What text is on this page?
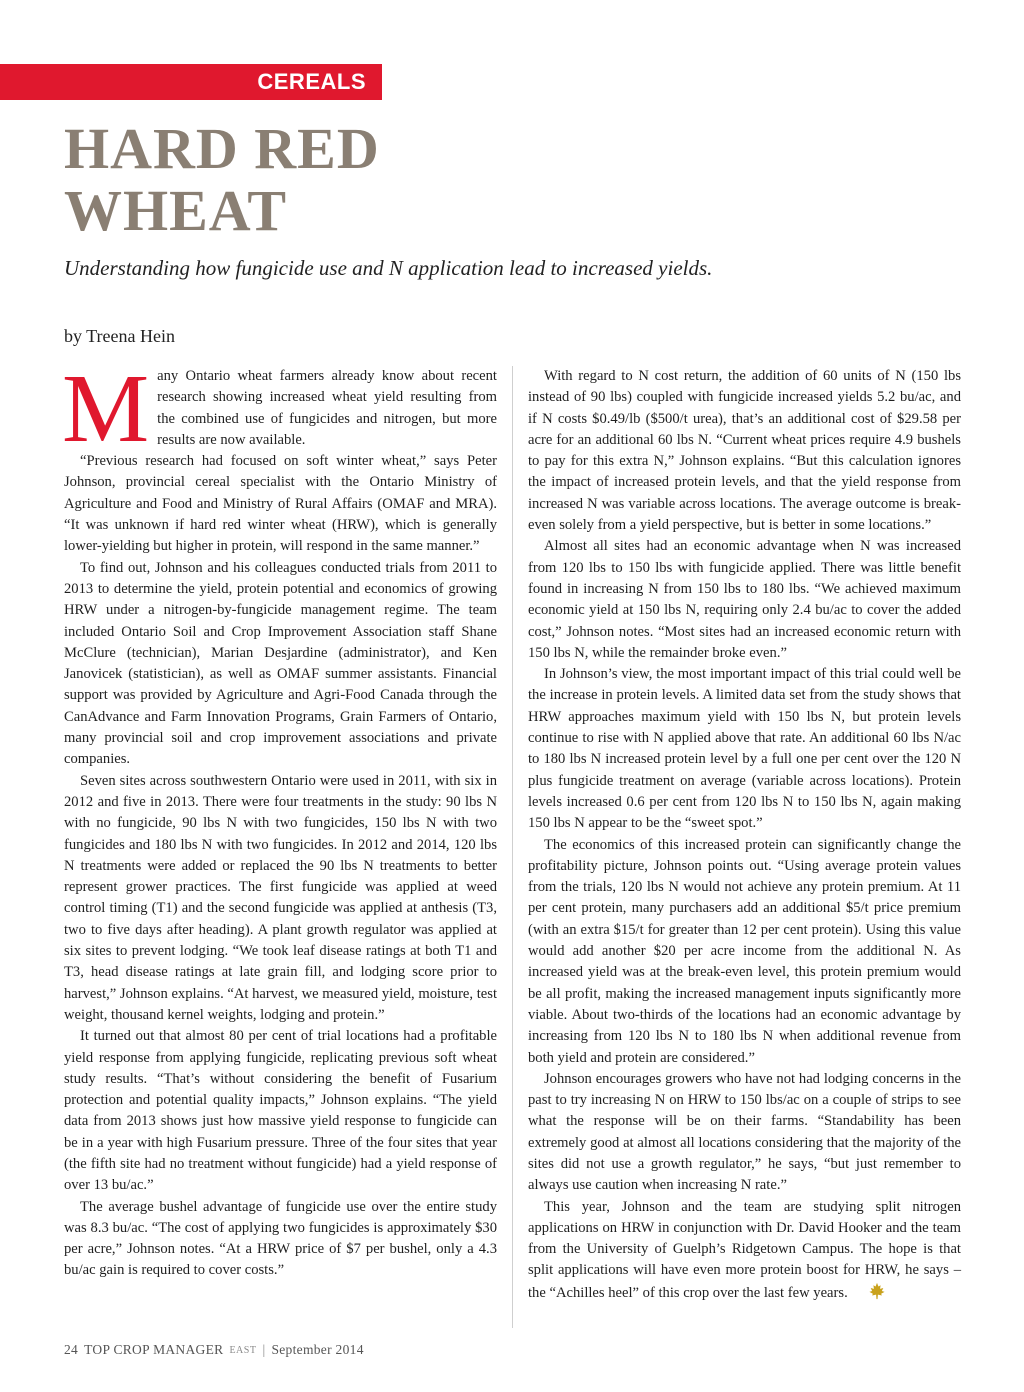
CEREALS
HARD RED
WHEAT
Understanding how fungicide use and N application lead to increased yields.
by Treena Hein

Many Ontario wheat farmers already know about recent research showing increased wheat yield resulting from the combined use of fungicides and nitrogen, but more results are now available.

“Previous research had focused on soft winter wheat,” says Peter Johnson, provincial cereal specialist with the Ontario Ministry of Agriculture and Food and Ministry of Rural Affairs (OMAF and MRA). “It was unknown if hard red winter wheat (HRW), which is generally lower-yielding but higher in protein, will respond in the same manner.”

To find out, Johnson and his colleagues conducted trials from 2011 to 2013 to determine the yield, protein potential and economics of growing HRW under a nitrogen-by-fungicide management regime. The team included Ontario Soil and Crop Improvement Association staff Shane McClure (technician), Marian Desjardine (administrator), and Ken Janovicek (statistician), as well as OMAF summer assistants. Financial support was provided by Agriculture and Agri-Food Canada through the CanAdvance and Farm Innovation Programs, Grain Farmers of Ontario, many provincial soil and crop improvement associations and private companies.

Seven sites across southwestern Ontario were used in 2011, with six in 2012 and five in 2013. There were four treatments in the study: 90 lbs N with no fungicide, 90 lbs N with two fungicides, 150 lbs N with two fungicides and 180 lbs N with two fungicides. In 2012 and 2014, 120 lbs N treatments were added or replaced the 90 lbs N treatments to better represent grower practices. The first fungicide was applied at weed control timing (T1) and the second fungicide was applied at anthesis (T3, two to five days after heading). A plant growth regulator was applied at six sites to prevent lodging. “We took leaf disease ratings at both T1 and T3, head disease ratings at late grain fill, and lodging score prior to harvest,” Johnson explains. “At harvest, we measured yield, moisture, test weight, thousand kernel weights, lodging and protein.”

It turned out that almost 80 per cent of trial locations had a profitable yield response from applying fungicide, replicating previous soft wheat study results. “That’s without considering the benefit of Fusarium protection and potential quality impacts,” Johnson explains. “The yield data from 2013 shows just how massive yield response to fungicide can be in a year with high Fusarium pressure. Three of the four sites that year (the fifth site had no treatment without fungicide) had a yield response of over 13 bu/ac.”

The average bushel advantage of fungicide use over the entire study was 8.3 bu/ac. “The cost of applying two fungicides is approximately $30 per acre,” Johnson notes. “At a HRW price of $7 per bushel, only a 4.3 bu/ac gain is required to cover costs.”

With regard to N cost return, the addition of 60 units of N (150 lbs instead of 90 lbs) coupled with fungicide increased yields 5.2 bu/ac, and if N costs $0.49/lb ($500/t urea), that’s an additional cost of $29.58 per acre for an additional 60 lbs N. “Current wheat prices require 4.9 bushels to pay for this extra N,” Johnson explains. “But this calculation ignores the impact of increased protein levels, and that the yield response from increased N was variable across locations. The average outcome is break-even solely from a yield perspective, but is better in some locations.”

Almost all sites had an economic advantage when N was increased from 120 lbs to 150 lbs with fungicide applied. There was little benefit found in increasing N from 150 lbs to 180 lbs. “We achieved maximum economic yield at 150 lbs N, requiring only 2.4 bu/ac to cover the added cost,” Johnson notes. “Most sites had an increased economic return with 150 lbs N, while the remainder broke even.”

In Johnson’s view, the most important impact of this trial could well be the increase in protein levels. A limited data set from the study shows that HRW approaches maximum yield with 150 lbs N, but protein levels continue to rise with N applied above that rate. An additional 60 lbs N/ac to 180 lbs N increased protein level by a full one per cent over the 120 N plus fungicide treatment on average (variable across locations). Protein levels increased 0.6 per cent from 120 lbs N to 150 lbs N, again making 150 lbs N appear to be the “sweet spot.”

The economics of this increased protein can significantly change the profitability picture, Johnson points out. “Using average protein values from the trials, 120 lbs N would not achieve any protein premium. At 11 per cent protein, many purchasers add an additional $5/t price premium (with an extra $15/t for greater than 12 per cent protein). Using this value would add another $20 per acre income from the additional N. As increased yield was at the break-even level, this protein premium would be all profit, making the increased management inputs significantly more viable. About two-thirds of the locations had an economic advantage by increasing from 120 lbs N to 180 lbs N when additional revenue from both yield and protein are considered.”

Johnson encourages growers who have not had lodging concerns in the past to try increasing N on HRW to 150 lbs/ac on a couple of strips to see what the response will be on their farms. “Standability has been extremely good at almost all locations considering that the majority of the sites did not use a growth regulator,” he says, “but just remember to always use caution when increasing N rate.”

This year, Johnson and the team are studying split nitrogen applications on HRW in conjunction with Dr. David Hooker and the team from the University of Guelph’s Ridgetown Campus. The hope is that split applications will have even more protein boost for HRW, he says – the “Achilles heel” of this crop over the last few years.

24 TOP CROP MANAGER EAST | September 2014
